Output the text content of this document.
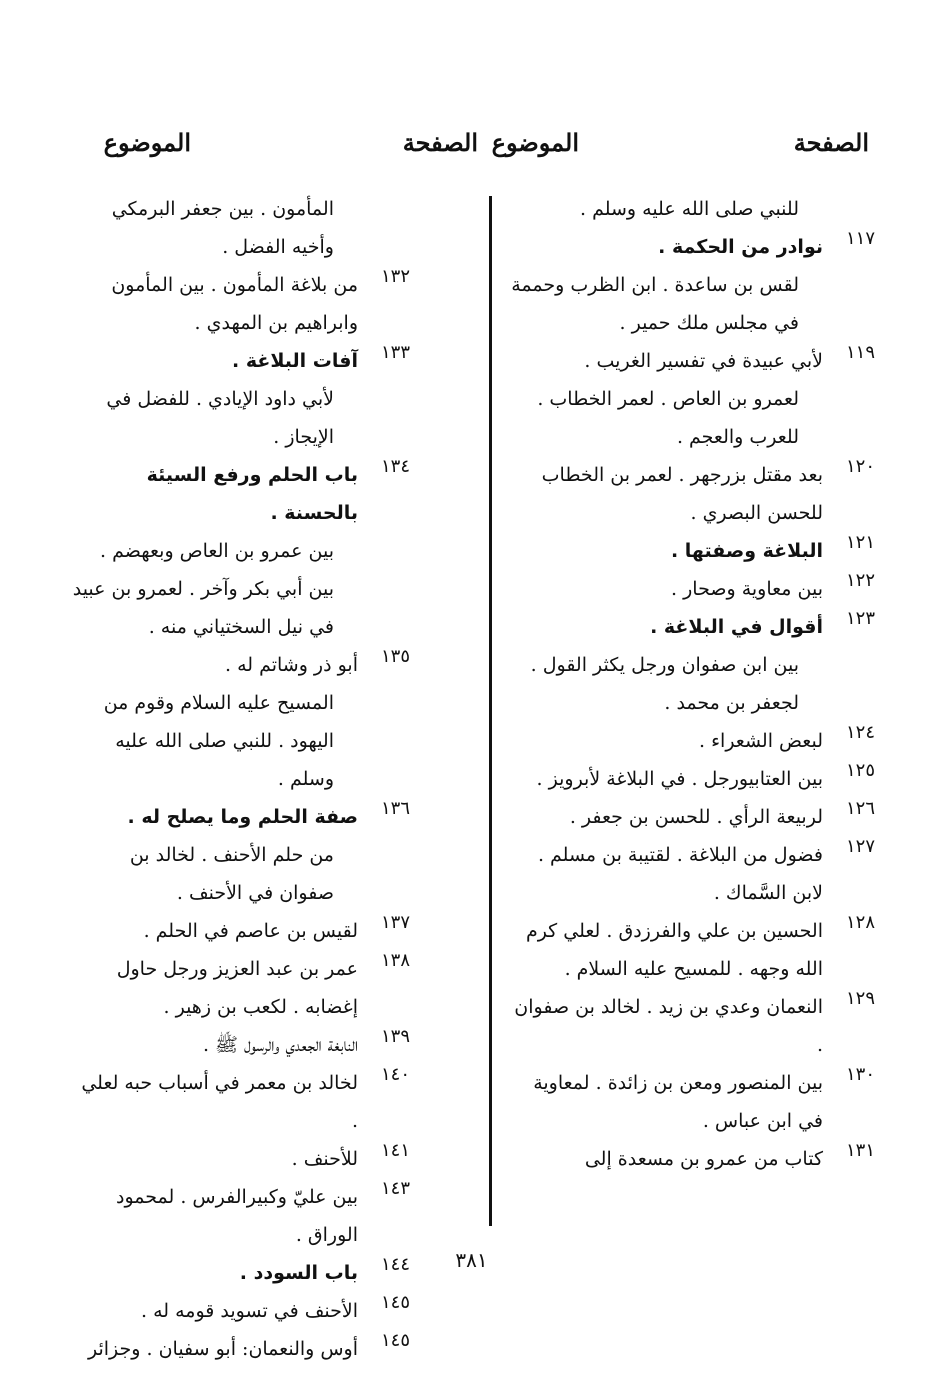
الصفحة
الموضوع
الصفحة
الموضوع
للنبي صلى الله عليه وسلم .
١١٧
نوادر من الحكمة .
لقس بن ساعدة . ابن الظرب وحممة في مجلس ملك حمير .
١١٩
لأبي عبيدة في تفسير الغريب .
لعمرو بن العاص . لعمر الخطاب . للعرب والعجم .
١٢٠
بعد مقتل بزرجهر . لعمر بن الخطاب للحسن البصري .
١٢١
البلاغة وصفتها .
١٢٢
بين معاوية وصحار .
١٢٣
أقوال في البلاغة .
بين ابن صفوان ورجل يكثر القول . لجعفر بن محمد .
١٢٤
لبعض الشعراء .
١٢٥
بين العتابيورجل . في البلاغة لأبرويز .
١٢٦
لربيعة الرأي . للحسن بن جعفر .
١٢٧
فضول من البلاغة . لقتيبة بن مسلم . لابن السَّماك .
١٢٨
الحسين بن علي والفرزدق . لعلي كرم الله وجهه . للمسيح عليه السلام .
١٢٩
النعمان وعدي بن زيد . لخالد بن صفوان .
١٣٠
بين المنصور ومعن بن زائدة . لمعاوية في ابن عباس .
١٣١
كتاب من عمرو بن مسعدة إلى
المأمون . بين جعفر البرمكي وأخيه الفضل .
١٣٢
من بلاغة المأمون . بين المأمون وابراهيم بن المهدي .
١٣٣
آفات البلاغة .
لأبي داود الإيادي . للفضل في الإيجاز .
١٣٤
باب الحلم ورفع السيئة بالحسنة .
بين عمرو بن العاص وبعهضم .
بين أبي بكر وآخر . لعمرو بن عبيد في نيل السختياني منه .
١٣٥
أبو ذر وشاتم له .
المسيح عليه السلام وقوم من اليهود . للنبي صلى الله عليه وسلم .
١٣٦
صفة الحلم وما يصلح له .
من حلم الأحنف . لخالد بن صفوان في الأحنف .
١٣٧
لقيس بن عاصم في الحلم .
١٣٨
عمر بن عبد العزيز ورجل حاول إغضابه . لكعب بن زهير .
١٣٩
النابغة الجعدي والرسول ﷺ .
١٤٠
لخالد بن معمر في أسباب حبه لعلي .
١٤١
للأحنف .
١٤٣
بين عليّ وكبيرالفرس . لمحمود الوراق .
١٤٤
باب السودد .
١٤٥
الأحنف في تسويد قومه له .
١٤٥
أوس والنعمان: أبو سفيان . وجزائر
٣٨١
